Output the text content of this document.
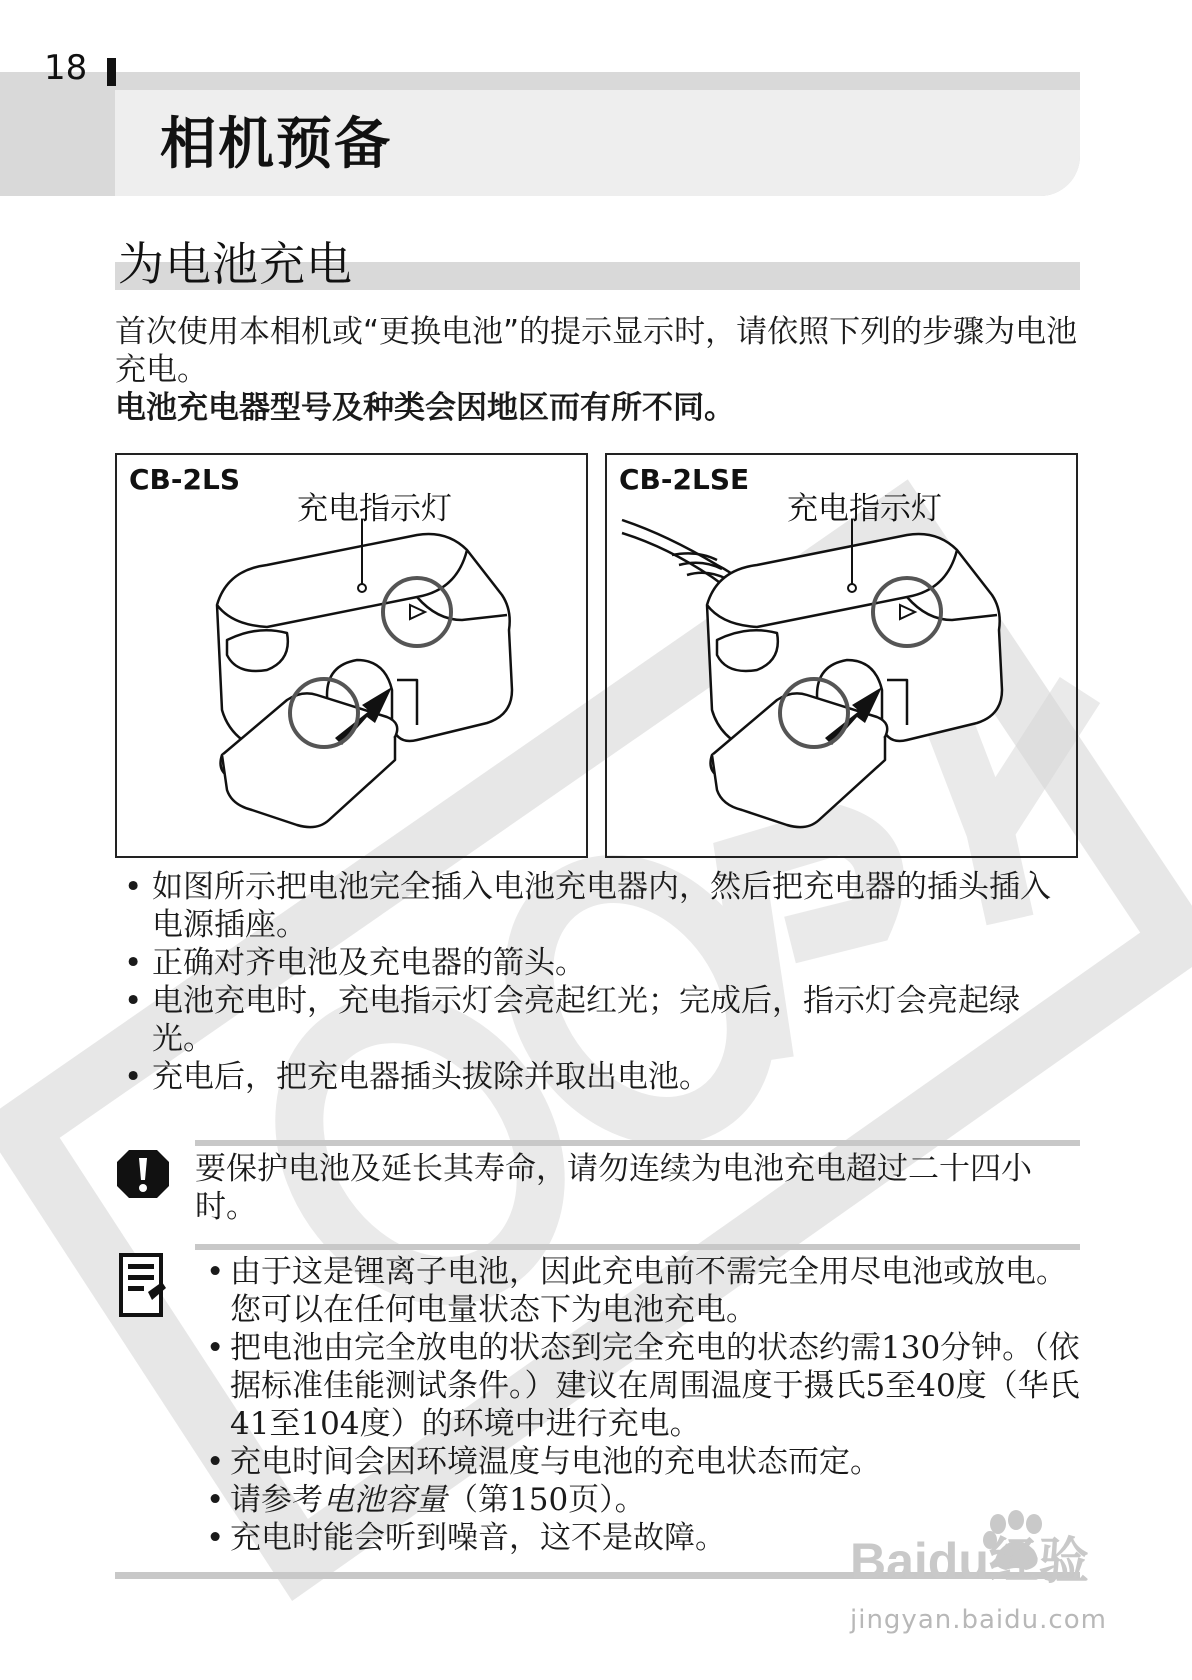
18
相机预备
为电池充电
首次使用本相机或“更换电池”的提示显示时，请依照下列的步骤为电池充电。
电池充电器型号及种类会因地区而有所不同。
CB-2LS
充电指示灯
CB-2LSE
充电指示灯
• 如图所示把电池完全插入电池充电器内，然后把充电器的插头插入电源插座。
• 正确对齐电池及充电器的箭头。
• 电池充电时，充电指示灯会亮起红光；完成后，指示灯会亮起绿光。
• 充电后，把充电器插头拔除并取出电池。
要保护电池及延长其寿命，请勿连续为电池充电超过二十四小时。
• 由于这是锂离子电池，因此充电前不需完全用尽电池或放电。您可以在任何电量状态下为电池充电。
• 把电池由完全放电的状态到完全充电的状态约需130分钟。（依据标准佳能测试条件。）建议在周围温度于摄氏5至40度（华氏41至104度）的环境中进行充电。
• 充电时间会因环境温度与电池的充电状态而定。
• 请参考电池容量（第150页）。
• 充电时能会听到噪音，这不是故障。	Baidu经验
jingyan.baidu.com
